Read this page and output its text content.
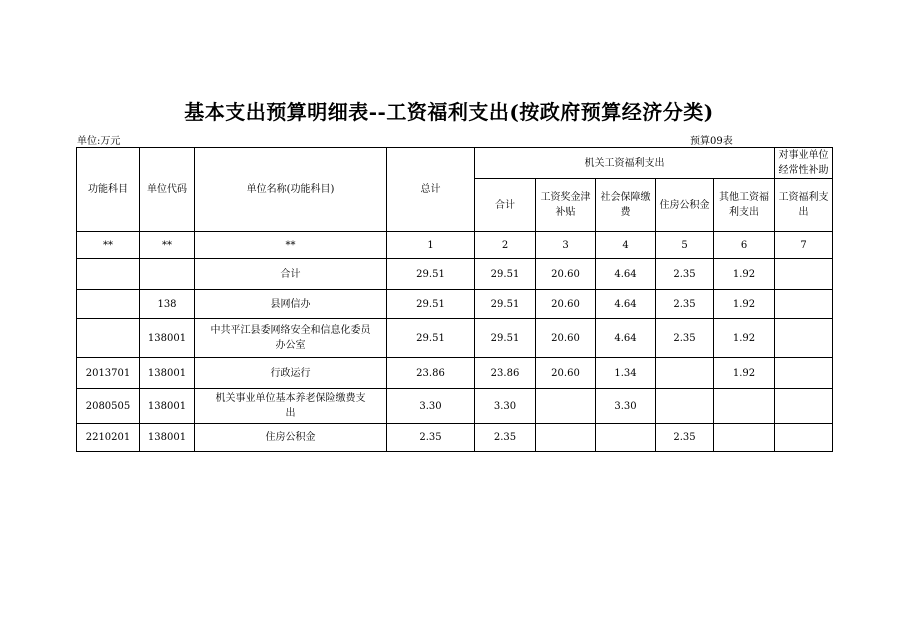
基本支出预算明细表--工资福利支出(按政府预算经济分类)
单位:万元	预算09表
功能科目	单位代码	单位名称(功能科目)	总计	机关工资福利支出					对事业单位经常性补助
				合计	工资奖金津补贴	社会保障缴费	住房公积金	其他工资福利支出	工资福利支出
**	**	**	1	2	3	4	5	6	7
		合计	29.51	29.51	20.60	4.64	2.35	1.92	
	138	县网信办	29.51	29.51	20.60	4.64	2.35	1.92	
	138001	中共平江县委网络安全和信息化委员办公室	29.51	29.51	20.60	4.64	2.35	1.92	
2013701	138001	行政运行	23.86	23.86	20.60	1.34		1.92	
2080505	138001	机关事业单位基本养老保险缴费支出	3.30	3.30		3.30			
2210201	138001	住房公积金	2.35	2.35			2.35		
